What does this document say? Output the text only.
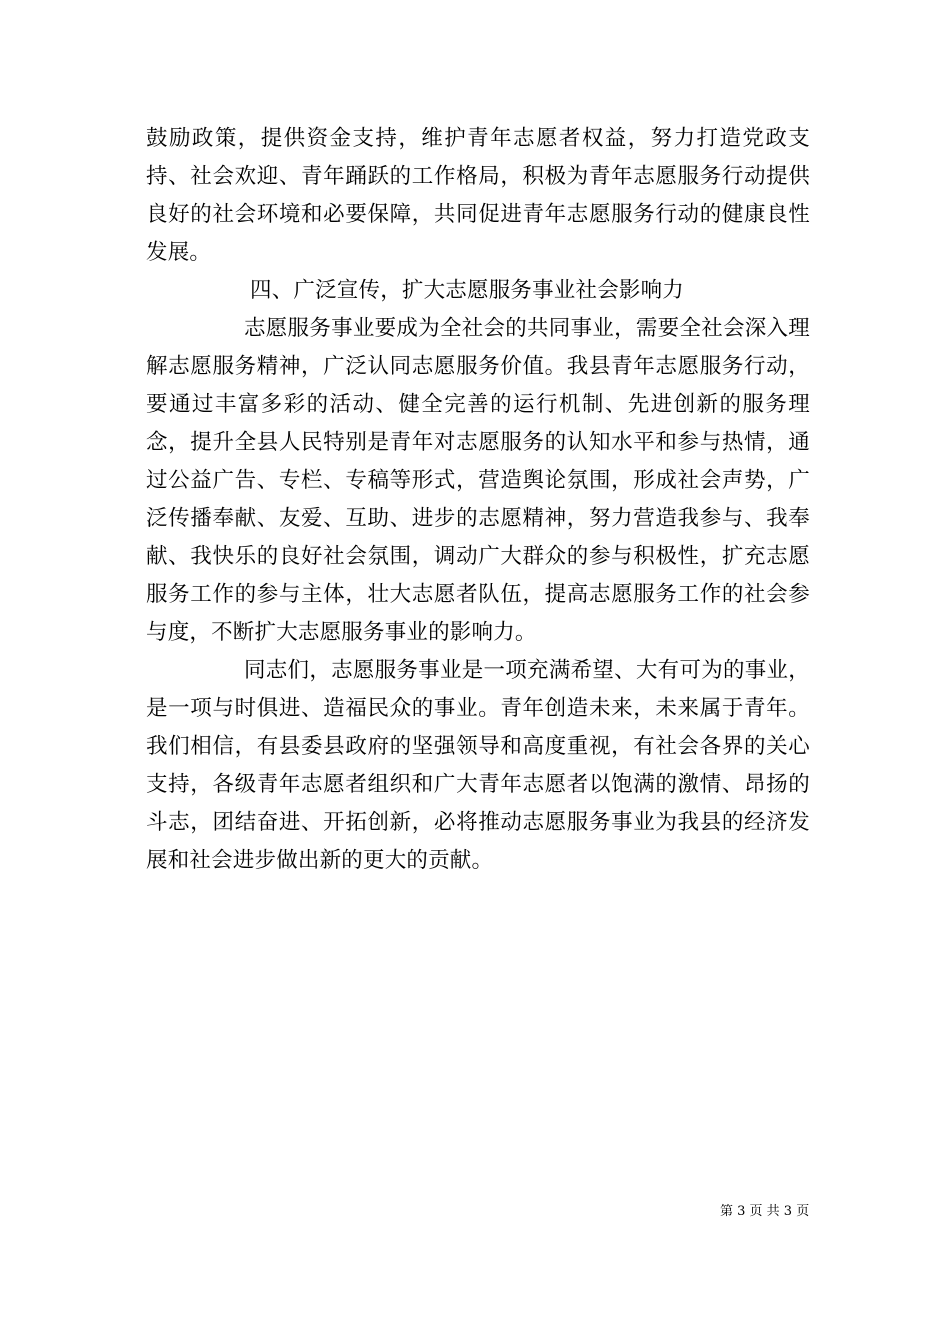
鼓励政策，提供资金支持，维护青年志愿者权益，努力打造党政支持、社会欢迎、青年踊跃的工作格局，积极为青年志愿服务行动提供良好的社会环境和必要保障，共同促进青年志愿服务行动的健康良性发展。

四、广泛宣传，扩大志愿服务事业社会影响力

志愿服务事业要成为全社会的共同事业，需要全社会深入理解志愿服务精神，广泛认同志愿服务价值。我县青年志愿服务行动，要通过丰富多彩的活动、健全完善的运行机制、先进创新的服务理念，提升全县人民特别是青年对志愿服务的认知水平和参与热情，通过公益广告、专栏、专稿等形式，营造舆论氛围，形成社会声势，广泛传播奉献、友爱、互助、进步的志愿精神，努力营造我参与、我奉献、我快乐的良好社会氛围，调动广大群众的参与积极性，扩充志愿服务工作的参与主体，壮大志愿者队伍，提高志愿服务工作的社会参与度，不断扩大志愿服务事业的影响力。

同志们，志愿服务事业是一项充满希望、大有可为的事业，是一项与时俱进、造福民众的事业。青年创造未来，未来属于青年。我们相信，有县委县政府的坚强领导和高度重视，有社会各界的关心支持，各级青年志愿者组织和广大青年志愿者以饱满的激情、昂扬的斗志，团结奋进、开拓创新，必将推动志愿服务事业为我县的经济发展和社会进步做出新的更大的贡献。

第 3 页 共 3 页
